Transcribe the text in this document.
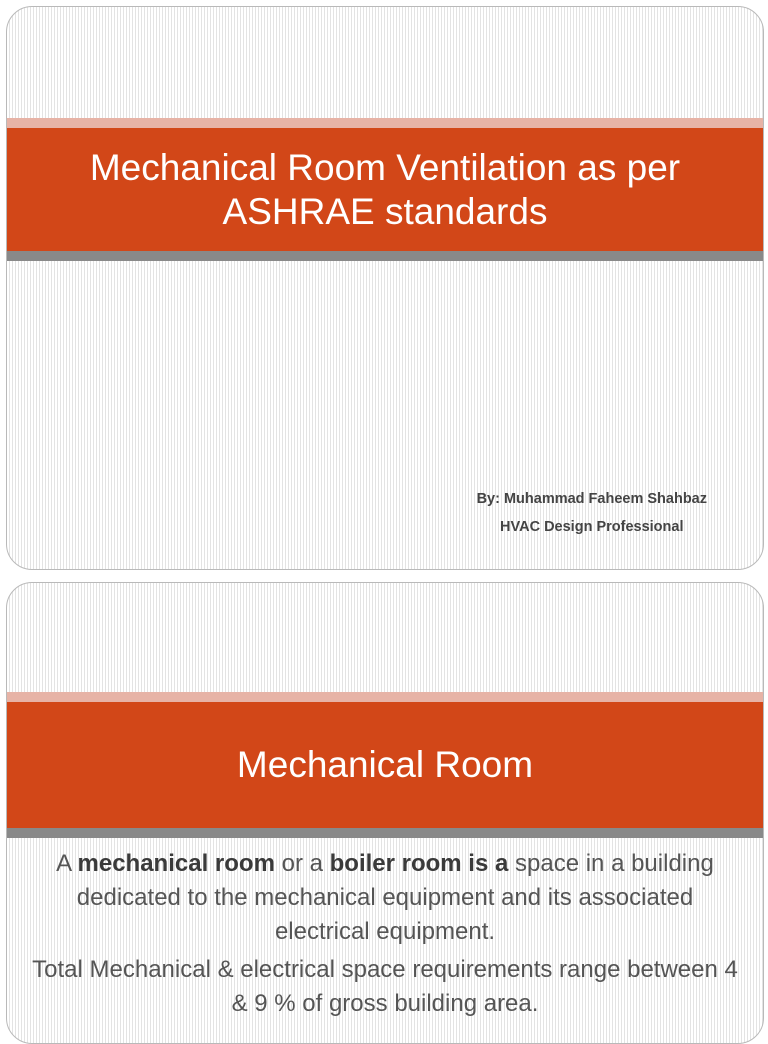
Mechanical Room Ventilation as per ASHRAE standards
By: Muhammad Faheem Shahbaz
HVAC Design Professional
Mechanical Room

A mechanical room or a boiler room is a space in a building dedicated to the mechanical equipment and its associated electrical equipment.

Total Mechanical & electrical space requirements range between 4 & 9 % of gross building area.
